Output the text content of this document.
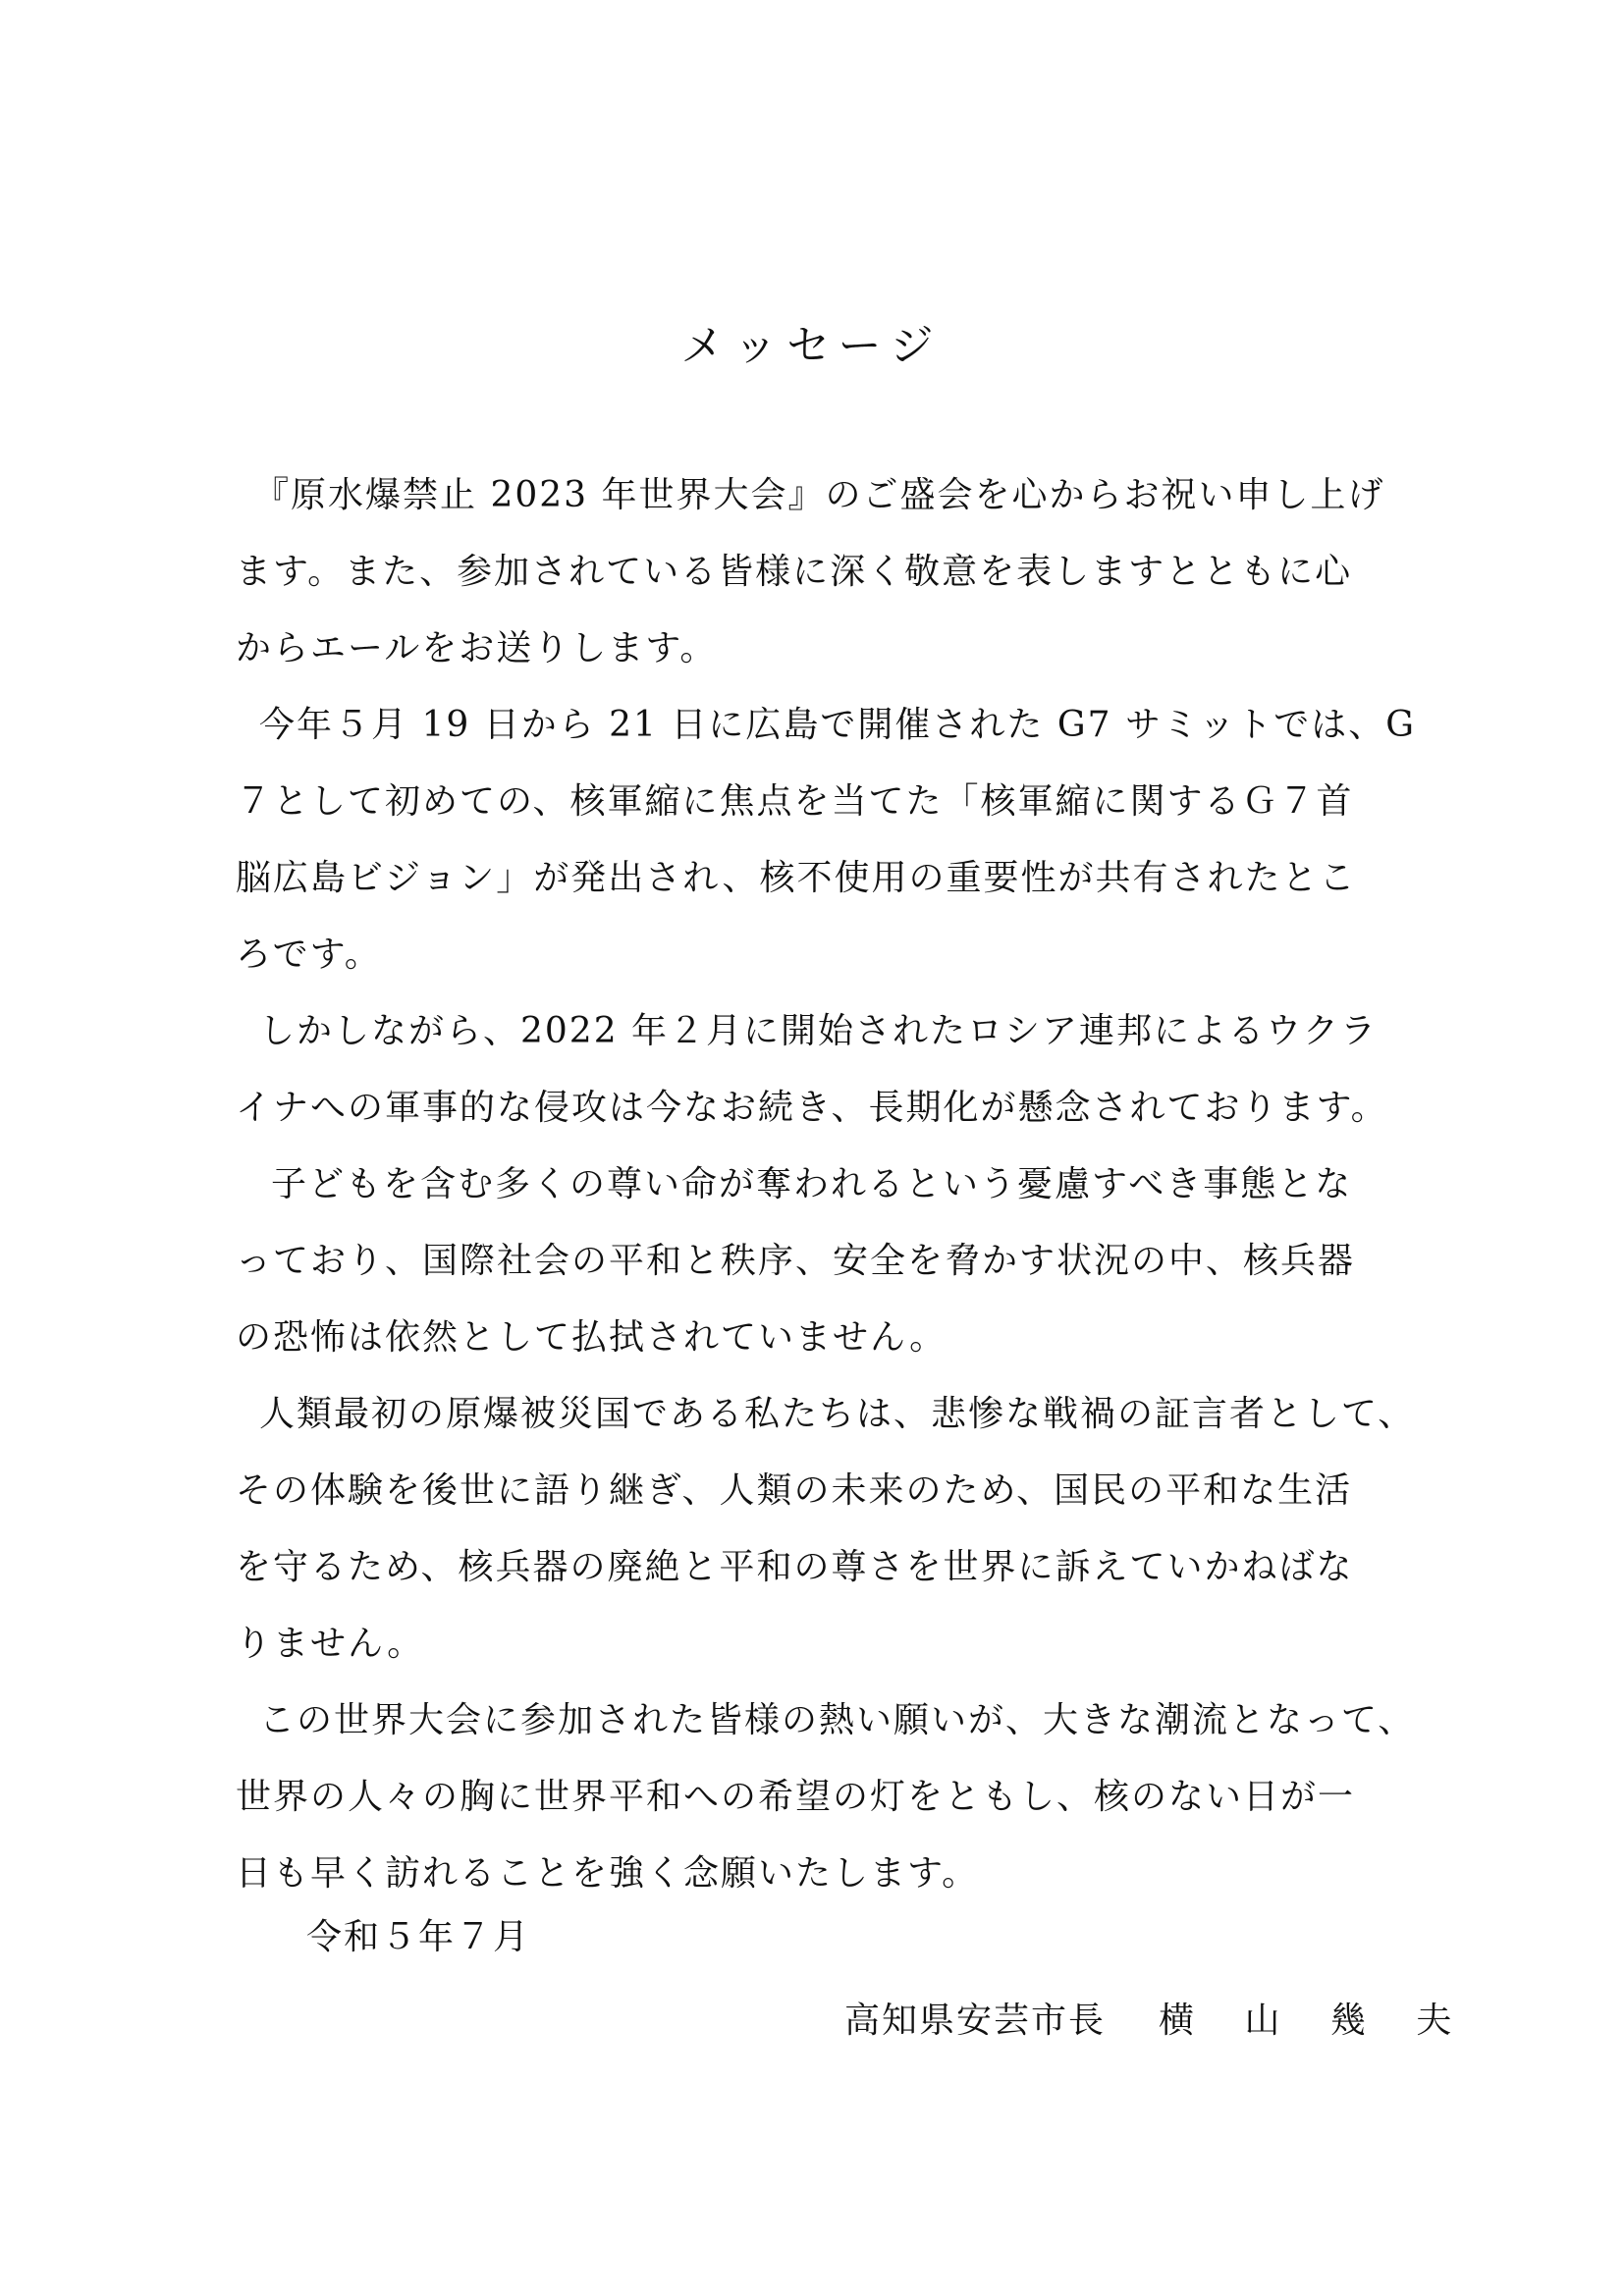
メッセージ
『原水爆禁止 2023 年世界大会』のご盛会を心からお祝い申し上げ
ます。また、参加されている皆様に深く敬意を表しますとともに心
からエールをお送りします。
今年５月 19 日から 21 日に広島で開催された G7 サミットでは、G
７として初めての、核軍縮に焦点を当てた「核軍縮に関するＧ７首
脳広島ビジョン」が発出され、核不使用の重要性が共有されたとこ
ろです。
しかしながら、2022 年２月に開始されたロシア連邦によるウクラ
イナへの軍事的な侵攻は今なお続き、長期化が懸念されております。
子どもを含む多くの尊い命が奪われるという憂慮すべき事態とな
っており、国際社会の平和と秩序、安全を脅かす状況の中、核兵器
の恐怖は依然として払拭されていません。
人類最初の原爆被災国である私たちは、悲惨な戦禍の証言者として、
その体験を後世に語り継ぎ、人類の未来のため、国民の平和な生活
を守るため、核兵器の廃絶と平和の尊さを世界に訴えていかねばな
りません。
この世界大会に参加された皆様の熱い願いが、大きな潮流となって、
世界の人々の胸に世界平和への希望の灯をともし、核のない日が一
日も早く訪れることを強く念願いたします。

令和５年７月

高知県安芸市長 横 山 幾 夫
